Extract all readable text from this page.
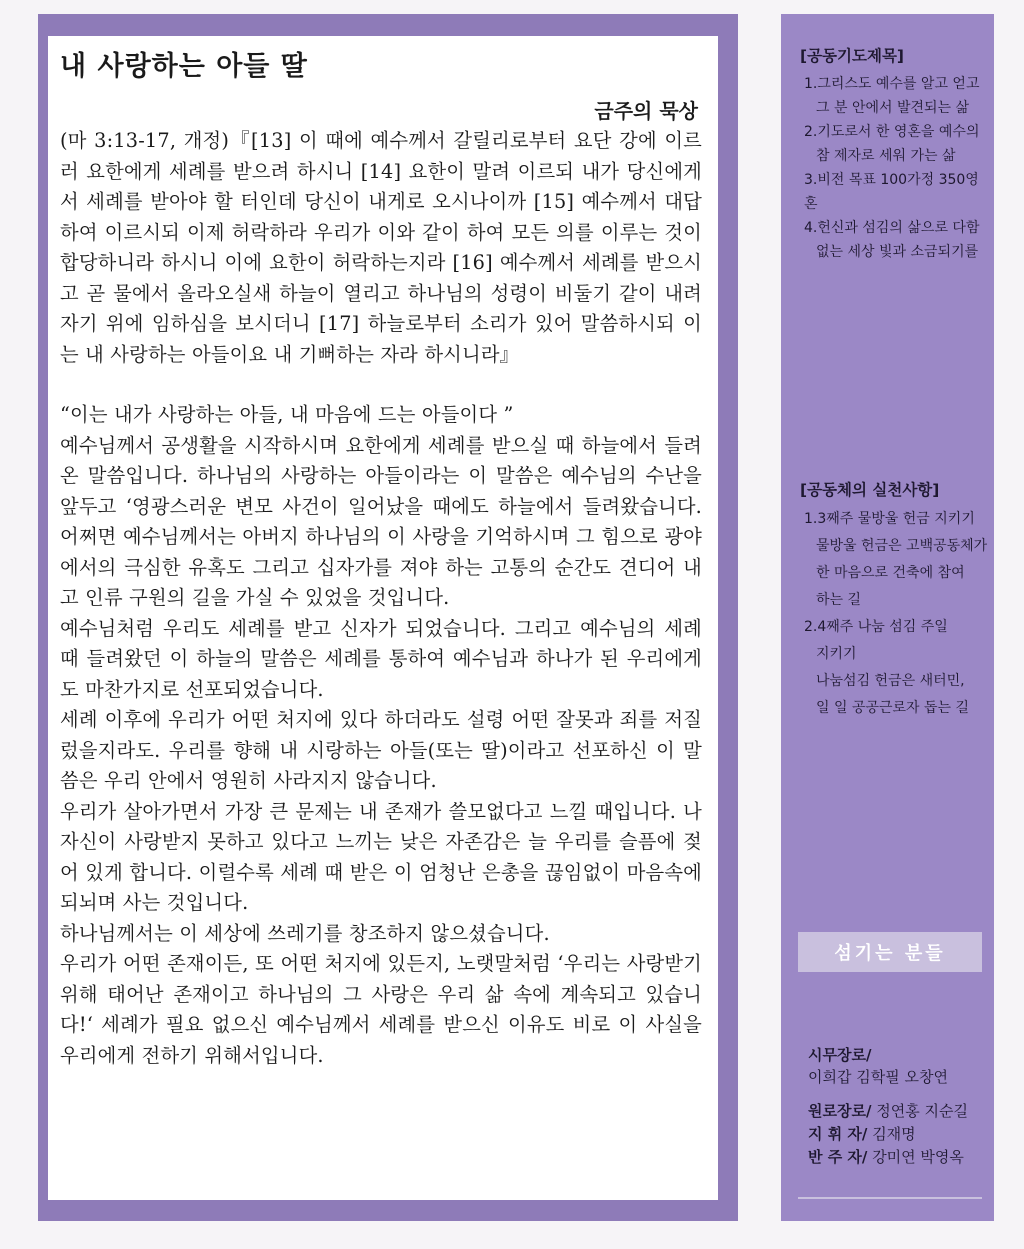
내 사랑하는 아들 딸
금주의 묵상

(마 3:13-17, 개정)『[13] 이 때에 예수께서 갈릴리로부터 요단 강에 이르러 요한에게 세례를 받으려 하시니 [14] 요한이 말려 이르되 내가 당신에게서 세례를 받아야 할 터인데 당신이 내게로 오시나이까 [15] 예수께서 대답하여 이르시되 이제 허락하라 우리가 이와 같이 하여 모든 의를 이루는 것이 합당하니라 하시니 이에 요한이 허락하는지라 [16] 예수께서 세례를 받으시고 곧 물에서 올라오실새 하늘이 열리고 하나님의 성령이 비둘기 같이 내려 자기 위에 임하심을 보시더니 [17] 하늘로부터 소리가 있어 말씀하시되 이는 내 사랑하는 아들이요 내 기뻐하는 자라 하시니라』

“이는 내가 사랑하는 아들, 내 마음에 드는 아들이다 ”

예수님께서 공생활을 시작하시며 요한에게 세례를 받으실 때 하늘에서 들려온 말씀입니다. 하나님의 사랑하는 아들이라는 이 말씀은 예수님의 수난을 앞두고 ‘영광스러운 변모 사건이 일어났을 때에도 하늘에서 들려왔습니다. 어쩌면 예수님께서는 아버지 하나님의 이 사랑을 기억하시며 그 힘으로 광야에서의 극심한 유혹도 그리고 십자가를 져야 하는 고통의 순간도 견디어 내고 인류 구원의 길을 가실 수 있었을 것입니다.

예수님처럼 우리도 세례를 받고 신자가 되었습니다. 그리고 예수님의 세례 때 들려왔던 이 하늘의 말씀은 세례를 통하여 예수님과 하나가 된 우리에게도 마찬가지로 선포되었습니다.

세례 이후에 우리가 어떤 처지에 있다 하더라도 설령 어떤 잘못과 죄를 저질렀을지라도. 우리를 향해 내 시랑하는 아들(또는 딸)이라고 선포하신 이 말씀은 우리 안에서 영원히 사라지지 않습니다.

우리가 살아가면서 가장 큰 문제는 내 존재가 쓸모없다고 느낄 때입니다. 나 자신이 사랑받지 못하고 있다고 느끼는 낮은 자존감은 늘 우리를 슬픔에 젖어 있게 합니다. 이럴수록 세례 때 받은 이 엄청난 은총을 끊임없이 마음속에 되뇌며 사는 것입니다.

하나님께서는 이 세상에 쓰레기를 창조하지 않으셨습니다.

우리가 어떤 존재이든, 또 어떤 처지에 있든지, 노랫말처럼 ‘우리는 사랑받기 위해 태어난 존재이고 하나님의 그 사랑은 우리 삶 속에 계속되고 있습니다!‘ 세례가 필요 없으신 예수님께서 세례를 받으신 이유도 비로 이 사실을 우리에게 전하기 위해서입니다.

[공동기도제목]
1.그리스도 예수를 알고 얻고
그 분 안에서 발견되는 삶
2.기도로서 한 영혼을 예수의
참 제자로 세워 가는 삶
3.비전 목표 100가정 350영혼
4.헌신과 섬김의 삶으로 다함
없는 세상 빛과 소금되기를
[공동체의 실천사항]
1.3째주 물방울 헌금 지키기
물방울 헌금은 고백공동체가
한 마음으로 건축에 참여
하는 길
2.4째주 나눔 섬김 주일
지키기
나눔섬김 헌금은 새터민,
일 일 공공근로자 돕는 길
섬기는 분들
시무장로/
이희갑 김학필 오창연
원로장로/ 정연홍 지순길
지 휘 자/ 김재명
반 주 자/ 강미연 박영옥
